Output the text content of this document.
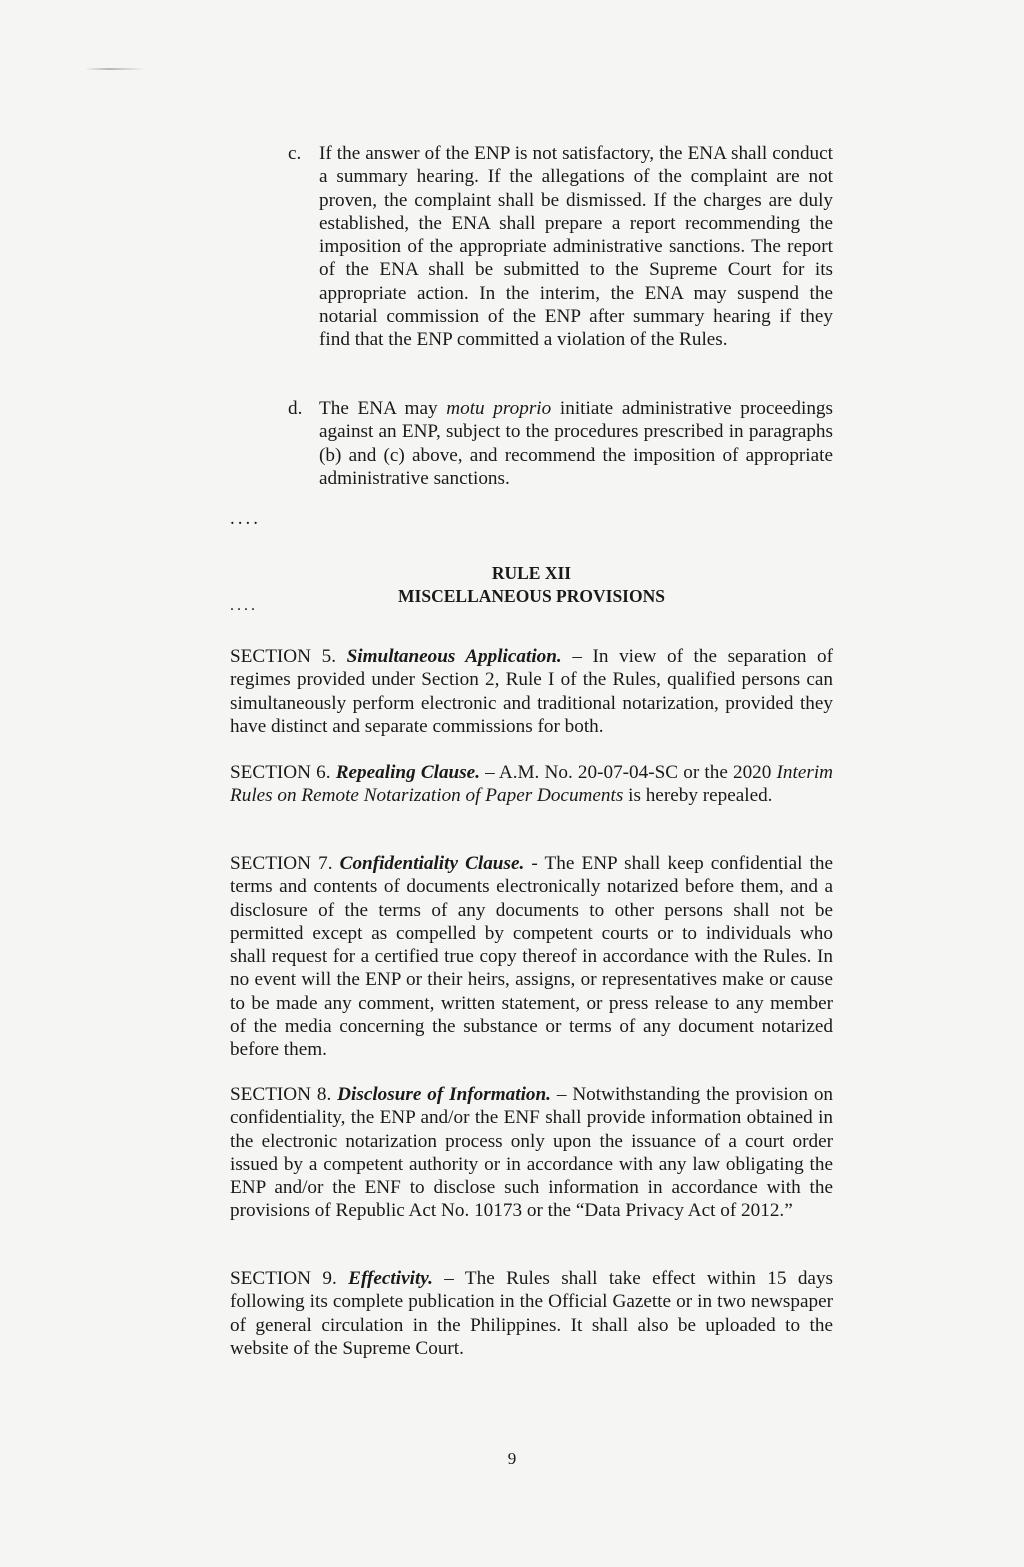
c. If the answer of the ENP is not satisfactory, the ENA shall conduct a summary hearing. If the allegations of the complaint are not proven, the complaint shall be dismissed. If the charges are duly established, the ENA shall prepare a report recommending the imposition of the appropriate administrative sanctions. The report of the ENA shall be submitted to the Supreme Court for its appropriate action. In the interim, the ENA may suspend the notarial commission of the ENP after summary hearing if they find that the ENP committed a violation of the Rules.
d. The ENA may motu proprio initiate administrative proceedings against an ENP, subject to the procedures prescribed in paragraphs (b) and (c) above, and recommend the imposition of appropriate administrative sanctions.
....
RULE XII
MISCELLANEOUS PROVISIONS
....
SECTION 5. Simultaneous Application. – In view of the separation of regimes provided under Section 2, Rule I of the Rules, qualified persons can simultaneously perform electronic and traditional notarization, provided they have distinct and separate commissions for both.
SECTION 6. Repealing Clause. – A.M. No. 20-07-04-SC or the 2020 Interim Rules on Remote Notarization of Paper Documents is hereby repealed.
SECTION 7. Confidentiality Clause. - The ENP shall keep confidential the terms and contents of documents electronically notarized before them, and a disclosure of the terms of any documents to other persons shall not be permitted except as compelled by competent courts or to individuals who shall request for a certified true copy thereof in accordance with the Rules. In no event will the ENP or their heirs, assigns, or representatives make or cause to be made any comment, written statement, or press release to any member of the media concerning the substance or terms of any document notarized before them.
SECTION 8. Disclosure of Information. – Notwithstanding the provision on confidentiality, the ENP and/or the ENF shall provide information obtained in the electronic notarization process only upon the issuance of a court order issued by a competent authority or in accordance with any law obligating the ENP and/or the ENF to disclose such information in accordance with the provisions of Republic Act No. 10173 or the “Data Privacy Act of 2012.”
SECTION 9. Effectivity. – The Rules shall take effect within 15 days following its complete publication in the Official Gazette or in two newspaper of general circulation in the Philippines. It shall also be uploaded to the website of the Supreme Court.
9
